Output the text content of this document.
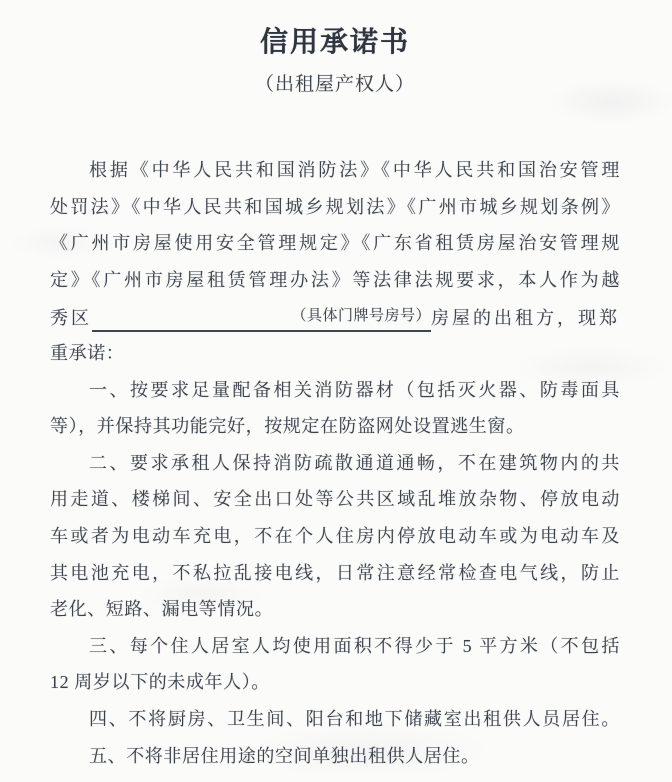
信用承诺书
（出租屋产权人）
根据《中华人民共和国消防法》《中华人民共和国治安管理
处罚法》《中华人民共和国城乡规划法》《广州市城乡规划条例》
《广州市房屋使用安全管理规定》《广东省租赁房屋治安管理规
定》《广州市房屋租赁管理办法》等法律法规要求，本人作为越
秀区	（具体门牌号房号） 房屋的出租方，现郑
重承诺：
一、按要求足量配备相关消防器材（包括灭火器、防毒面具
等），并保持其功能完好，按规定在防盗网处设置逃生窗。
二、要求承租人保持消防疏散通道通畅，不在建筑物内的共
用走道、楼梯间、安全出口处等公共区域乱堆放杂物、停放电动
车或者为电动车充电，不在个人住房内停放电动车或为电动车及
其电池充电，不私拉乱接电线，日常注意经常检查电气线，防止
老化、短路、漏电等情况。
三、每个住人居室人均使用面积不得少于 5 平方米（不包括
12 周岁以下的未成年人）。
四、不将厨房、卫生间、阳台和地下储藏室出租供人员居住。
五、不将非居住用途的空间单独出租供人居住。
